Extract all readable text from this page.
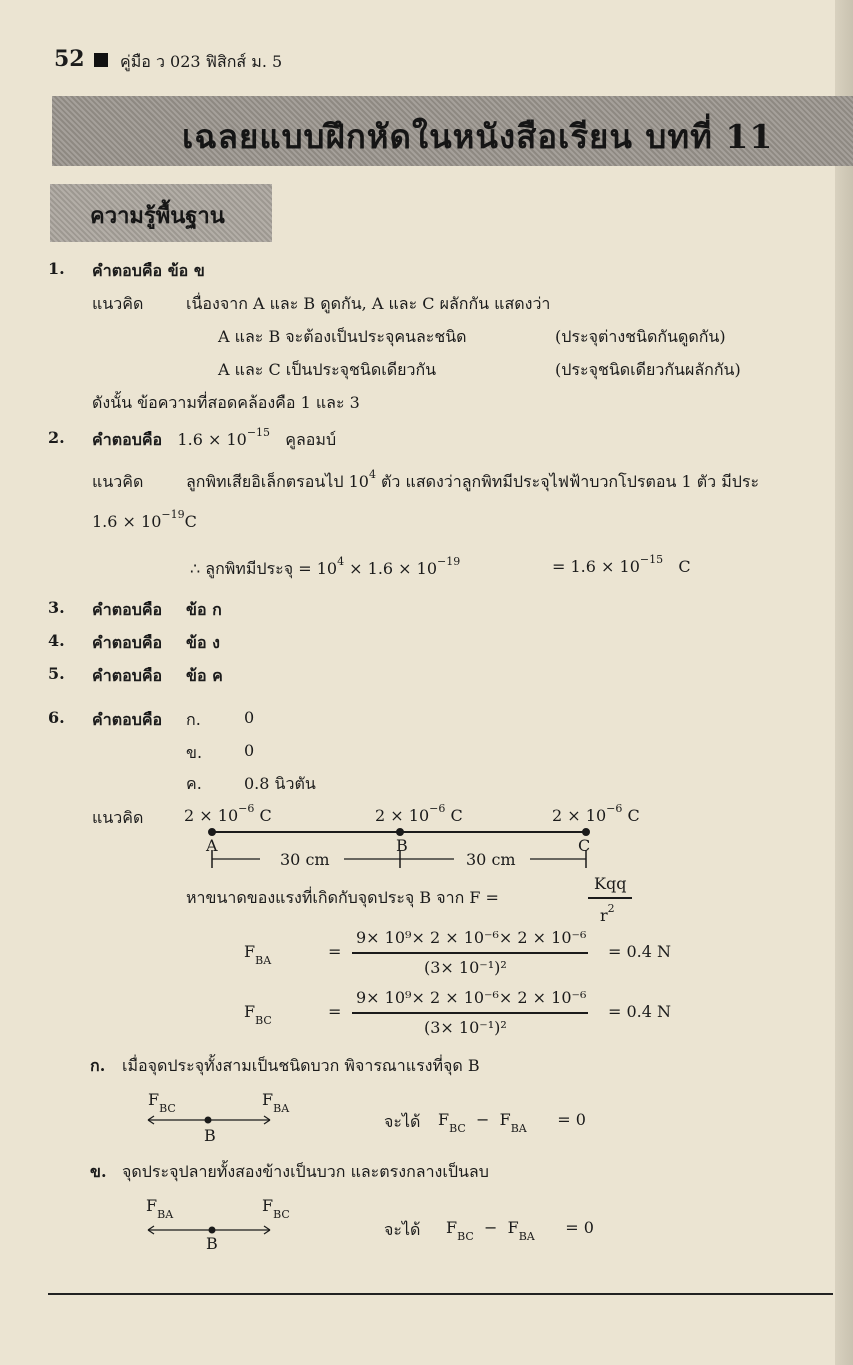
52 คู่มือ ว 023 ฟิสิกส์ ม. 5
เฉลยแบบฝึกหัดในหนังสือเรียน บทที่ 11
ความรู้พื้นฐาน
1. คำตอบคือ ข้อ ข
แนวคิด	เนื่องจาก A และ B ดูดกัน, A และ C ผลักกัน แสดงว่า
A และ B จะต้องเป็นประจุคนละชนิด	(ประจุต่างชนิดกันดูดกัน)
A และ C เป็นประจุชนิดเดียวกัน	(ประจุชนิดเดียวกันผลักกัน)
ดังนั้น ข้อความที่สอดคล้องคือ 1 และ 3
2. คำตอบคือ $1.6 \times 10^{-15}$ คูลอมบ์
แนวคิด	ลูกพิทเสียอิเล็กตรอนไป $10^4$ ตัว แสดงว่าลูกพิทมีประจุไฟฟ้าบวกโปรตอน 1 ตัว มีประ
$1.6 \times 10^{-19}C$
∴ ลูกพิทมีประจุ = $10^4 \times 1.6 \times 10^{-19}$	= $1.6 \times 10^{-15}$ C
3. คำตอบคือ ข้อ ก
4. คำตอบคือ ข้อ ง
5. คำตอบคือ ข้อ ค
6. คำตอบคือ ก.	0
ข.	0
ค.	0.8 นิวตัน
แนวคิด	$2 \times 10^{-6}$ C	$2 \times 10^{-6}$ C	$2 \times 10^{-6}$ C
A	B	C
30 cm	30 cm
หาขนาดของแรงที่เกิดกับจุดประจุ B จาก F =
Kqq
$r^2$
$F_{BA}$	=
9× 10⁹× 2 × 10⁻⁶× 2 × 10⁻⁶
(3× 10⁻¹)²
= 0.4 N
$F_{BC}$	=
9× 10⁹× 2 × 10⁻⁶× 2 × 10⁻⁶
(3× 10⁻¹)²
= 0.4 N
ก. เมื่อจุดประจุทั้งสามเป็นชนิดบวก พิจารณาแรงที่จุด B
$F_{BC}$	$F_{BA}$
B
จะได้ $F_{BC} - F_{BA} = 0$
ข. จุดประจุปลายทั้งสองข้างเป็นบวก และตรงกลางเป็นลบ
$F_{BA}$	$F_{BC}$
B
จะได้ $F_{BC} - F_{BA} = 0$
